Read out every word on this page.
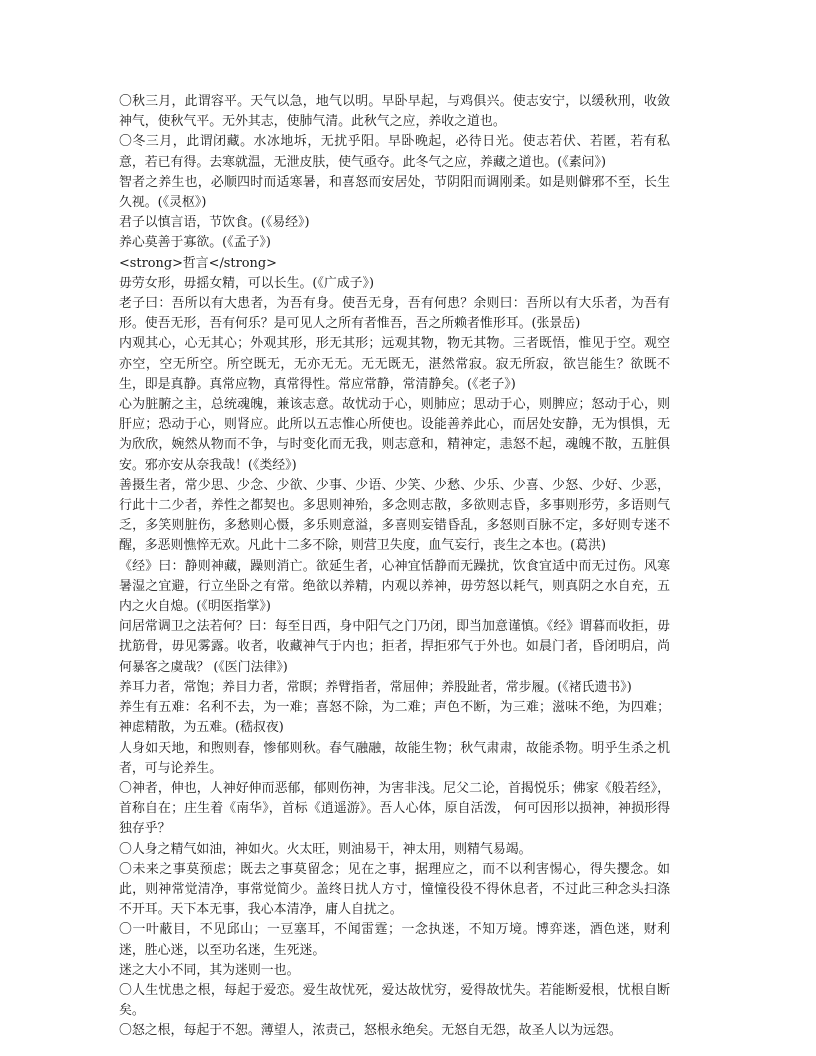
〇秋三月，此谓容平。天气以急，地气以明。早卧早起，与鸡俱兴。使志安宁，以缓秋刑，收敛神气，使秋气平。无外其志，使肺气清。此秋气之应，养收之道也。

〇冬三月，此谓闭藏。水冰地坼，无扰乎阳。早卧晚起，必待日光。使志若伏、若匿，若有私意，若已有得。去寒就温，无泄皮肤，使气亟夺。此冬气之应，养藏之道也。(《素问》)

智者之养生也，必顺四时而适寒暑，和喜怒而安居处，节阴阳而调刚柔。如是则僻邪不至，长生久视。(《灵枢》)

君子以慎言语，节饮食。(《易经》)

养心莫善于寡欲。(《孟子》)

<strong>哲言</strong>

毋劳女形，毋摇女精，可以长生。(《广成子》)

老子曰：吾所以有大患者，为吾有身。使吾无身，吾有何患？余则曰：吾所以有大乐者，为吾有形。使吾无形，吾有何乐？是可见人之所有者惟吾，吾之所赖者惟形耳。(张景岳)

内观其心，心无其心；外观其形，形无其形；远观其物，物无其物。三者既悟，惟见于空。观空亦空，空无所空。所空既无，无亦无无。无无既无，湛然常寂。寂无所寂，欲岂能生？欲既不生，即是真静。真常应物，真常得性。常应常静，常清静矣。(《老子》)

心为脏腑之主，总统魂魄，兼该志意。故忧动于心，则肺应；思动于心，则脾应；怒动于心，则肝应；恐动于心，则肾应。此所以五志惟心所使也。设能善养此心，而居处安静，无为惧惧，无为欣欣，婉然从物而不争，与时变化而无我，则志意和，精神定，恚怒不起，魂魄不散，五脏俱安。邪亦安从奈我哉！(《类经》)

善摄生者，常少思、少念、少欲、少事、少语、少笑、少愁、少乐、少喜、少怒、少好、少恶，行此十二少者，养性之都契也。多思则神殆，多念则志散，多欲则志昏，多事则形劳，多语则气乏，多笑则脏伤，多愁则心慑，多乐则意溢，多喜则妄错昏乱，多怒则百脉不定，多好则专迷不醒，多恶则憔悴无欢。凡此十二多不除，则营卫失度，血气妄行，丧生之本也。(葛洪)

《经》曰：静则神藏，躁则消亡。欲延生者，心神宜恬静而无躁扰，饮食宜适中而无过伤。风寒暑湿之宜避，行立坐卧之有常。绝欲以养精，内观以养神，毋劳怒以耗气，则真阴之水自充，五内之火自熄。(《明医指掌》)

问居常调卫之法若何？曰：每至日西，身中阳气之门乃闭，即当加意谨慎。《经》谓暮而收拒，毋扰筋骨，毋见雾露。收者，收藏神气于内也；拒者，捍拒邪气于外也。如晨门者，昏闭明启，尚何暴客之虞哉？ (《医门法律》)

养耳力者，常饱；养目力者，常瞑；养臂指者，常屈伸；养股趾者，常步履。(《褚氏遗书》)

养生有五难：名利不去，为一难；喜怒不除，为二难；声色不断，为三难；滋味不绝，为四难；神虑精散，为五难。(嵇叔夜)

人身如天地，和煦则春，惨郁则秋。春气融融，故能生物；秋气肃肃，故能杀物。明乎生杀之机者，可与论养生。

〇神者，伸也，人神好伸而恶郁，郁则伤神，为害非浅。尼父二论，首揭悦乐；佛家《般若经》，首称自在；庄生着《南华》，首标《逍遥游》。吾人心体，原自活泼， 何可因形以损神，神损形得独存乎？

〇人身之精气如油，神如火。火太旺，则油易干，神太用，则精气易竭。

〇未来之事莫预虑；既去之事莫留念；见在之事，据理应之，而不以利害惕心，得失撄念。如此，则神常觉清净，事常觉简少。盖终日扰人方寸，憧憧役役不得休息者，不过此三种念头扫涤不开耳。天下本无事，我心本清净，庸人自扰之。

〇一叶蔽目，不见邱山；一豆塞耳，不闻雷霆；一念执迷，不知万境。博弈迷，酒色迷，财利迷，胜心迷，以至功名迷，生死迷。

迷之大小不同，其为迷则一也。

〇人生忧患之根，每起于爱恋。爱生故忧死，爱达故忧穷，爱得故忧失。若能断爱根，忧根自断矣。

〇怒之根，每起于不恕。薄望人，浓责己，怒根永绝矣。无怒自无怨，故圣人以为远怨。
